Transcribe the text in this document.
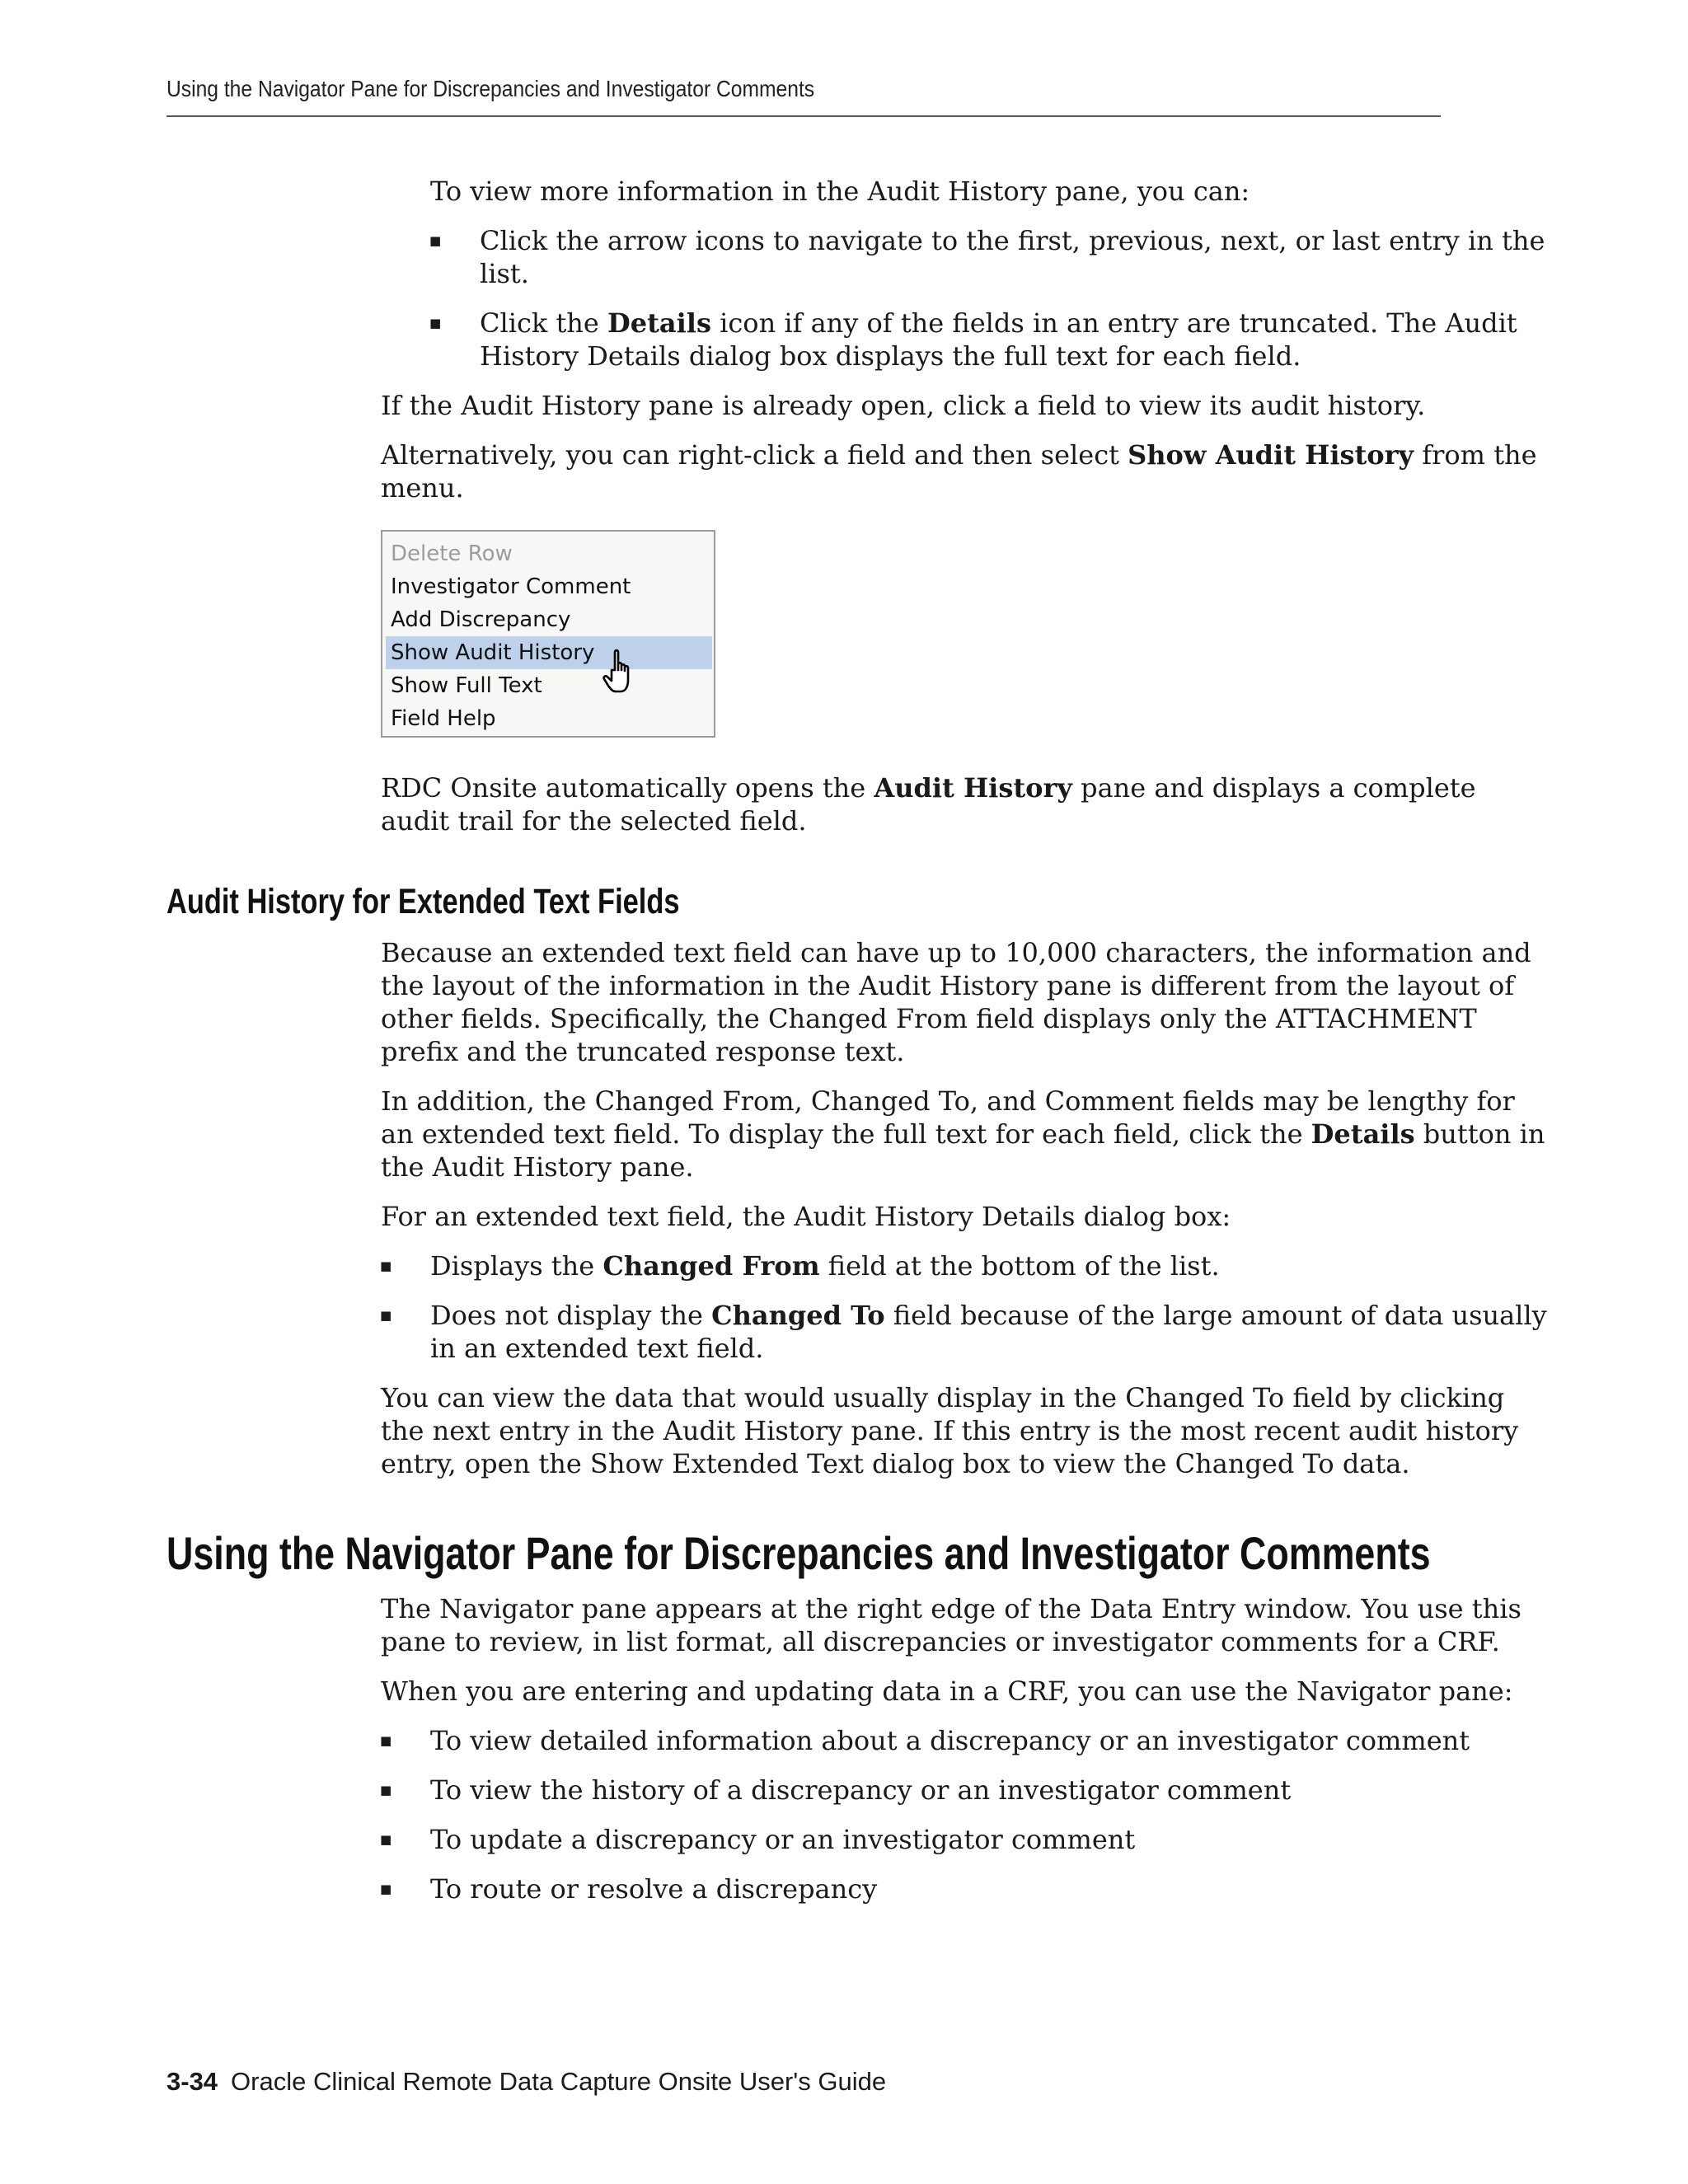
Using the Navigator Pane for Discrepancies and Investigator Comments

To view more information in the Audit History pane, you can:

■

Click the arrow icons to navigate to the first, previous, next, or last entry in the

list.

■

Click the Details icon if any of the fields in an entry are truncated. The Audit

History Details dialog box displays the full text for each field.

If the Audit History pane is already open, click a field to view its audit history.

Alternatively, you can right-click a field and then select Show Audit History from the

menu.

Delete Row
Investigator Comment
Add Discrepancy
Show Audit History
Show Full Text
Field Help

RDC Onsite automatically opens the Audit History pane and displays a complete

audit trail for the selected field.

Audit History for Extended Text Fields

Because an extended text field can have up to 10,000 characters, the information and

the layout of the information in the Audit History pane is different from the layout of

other fields. Specifically, the Changed From field displays only the ATTACHMENT

prefix and the truncated response text.

In addition, the Changed From, Changed To, and Comment fields may be lengthy for

an extended text field. To display the full text for each field, click the Details button in

the Audit History pane.

For an extended text field, the Audit History Details dialog box:

■

Displays the Changed From field at the bottom of the list.

■

Does not display the Changed To field because of the large amount of data usually

in an extended text field.

You can view the data that would usually display in the Changed To field by clicking

the next entry in the Audit History pane. If this entry is the most recent audit history

entry, open the Show Extended Text dialog box to view the Changed To data.

Using the Navigator Pane for Discrepancies and Investigator Comments

The Navigator pane appears at the right edge of the Data Entry window. You use this

pane to review, in list format, all discrepancies or investigator comments for a CRF.

When you are entering and updating data in a CRF, you can use the Navigator pane:

■

To view detailed information about a discrepancy or an investigator comment

■

To view the history of a discrepancy or an investigator comment

■

To update a discrepancy or an investigator comment

■

To route or resolve a discrepancy

3-34 Oracle Clinical Remote Data Capture Onsite User's Guide
